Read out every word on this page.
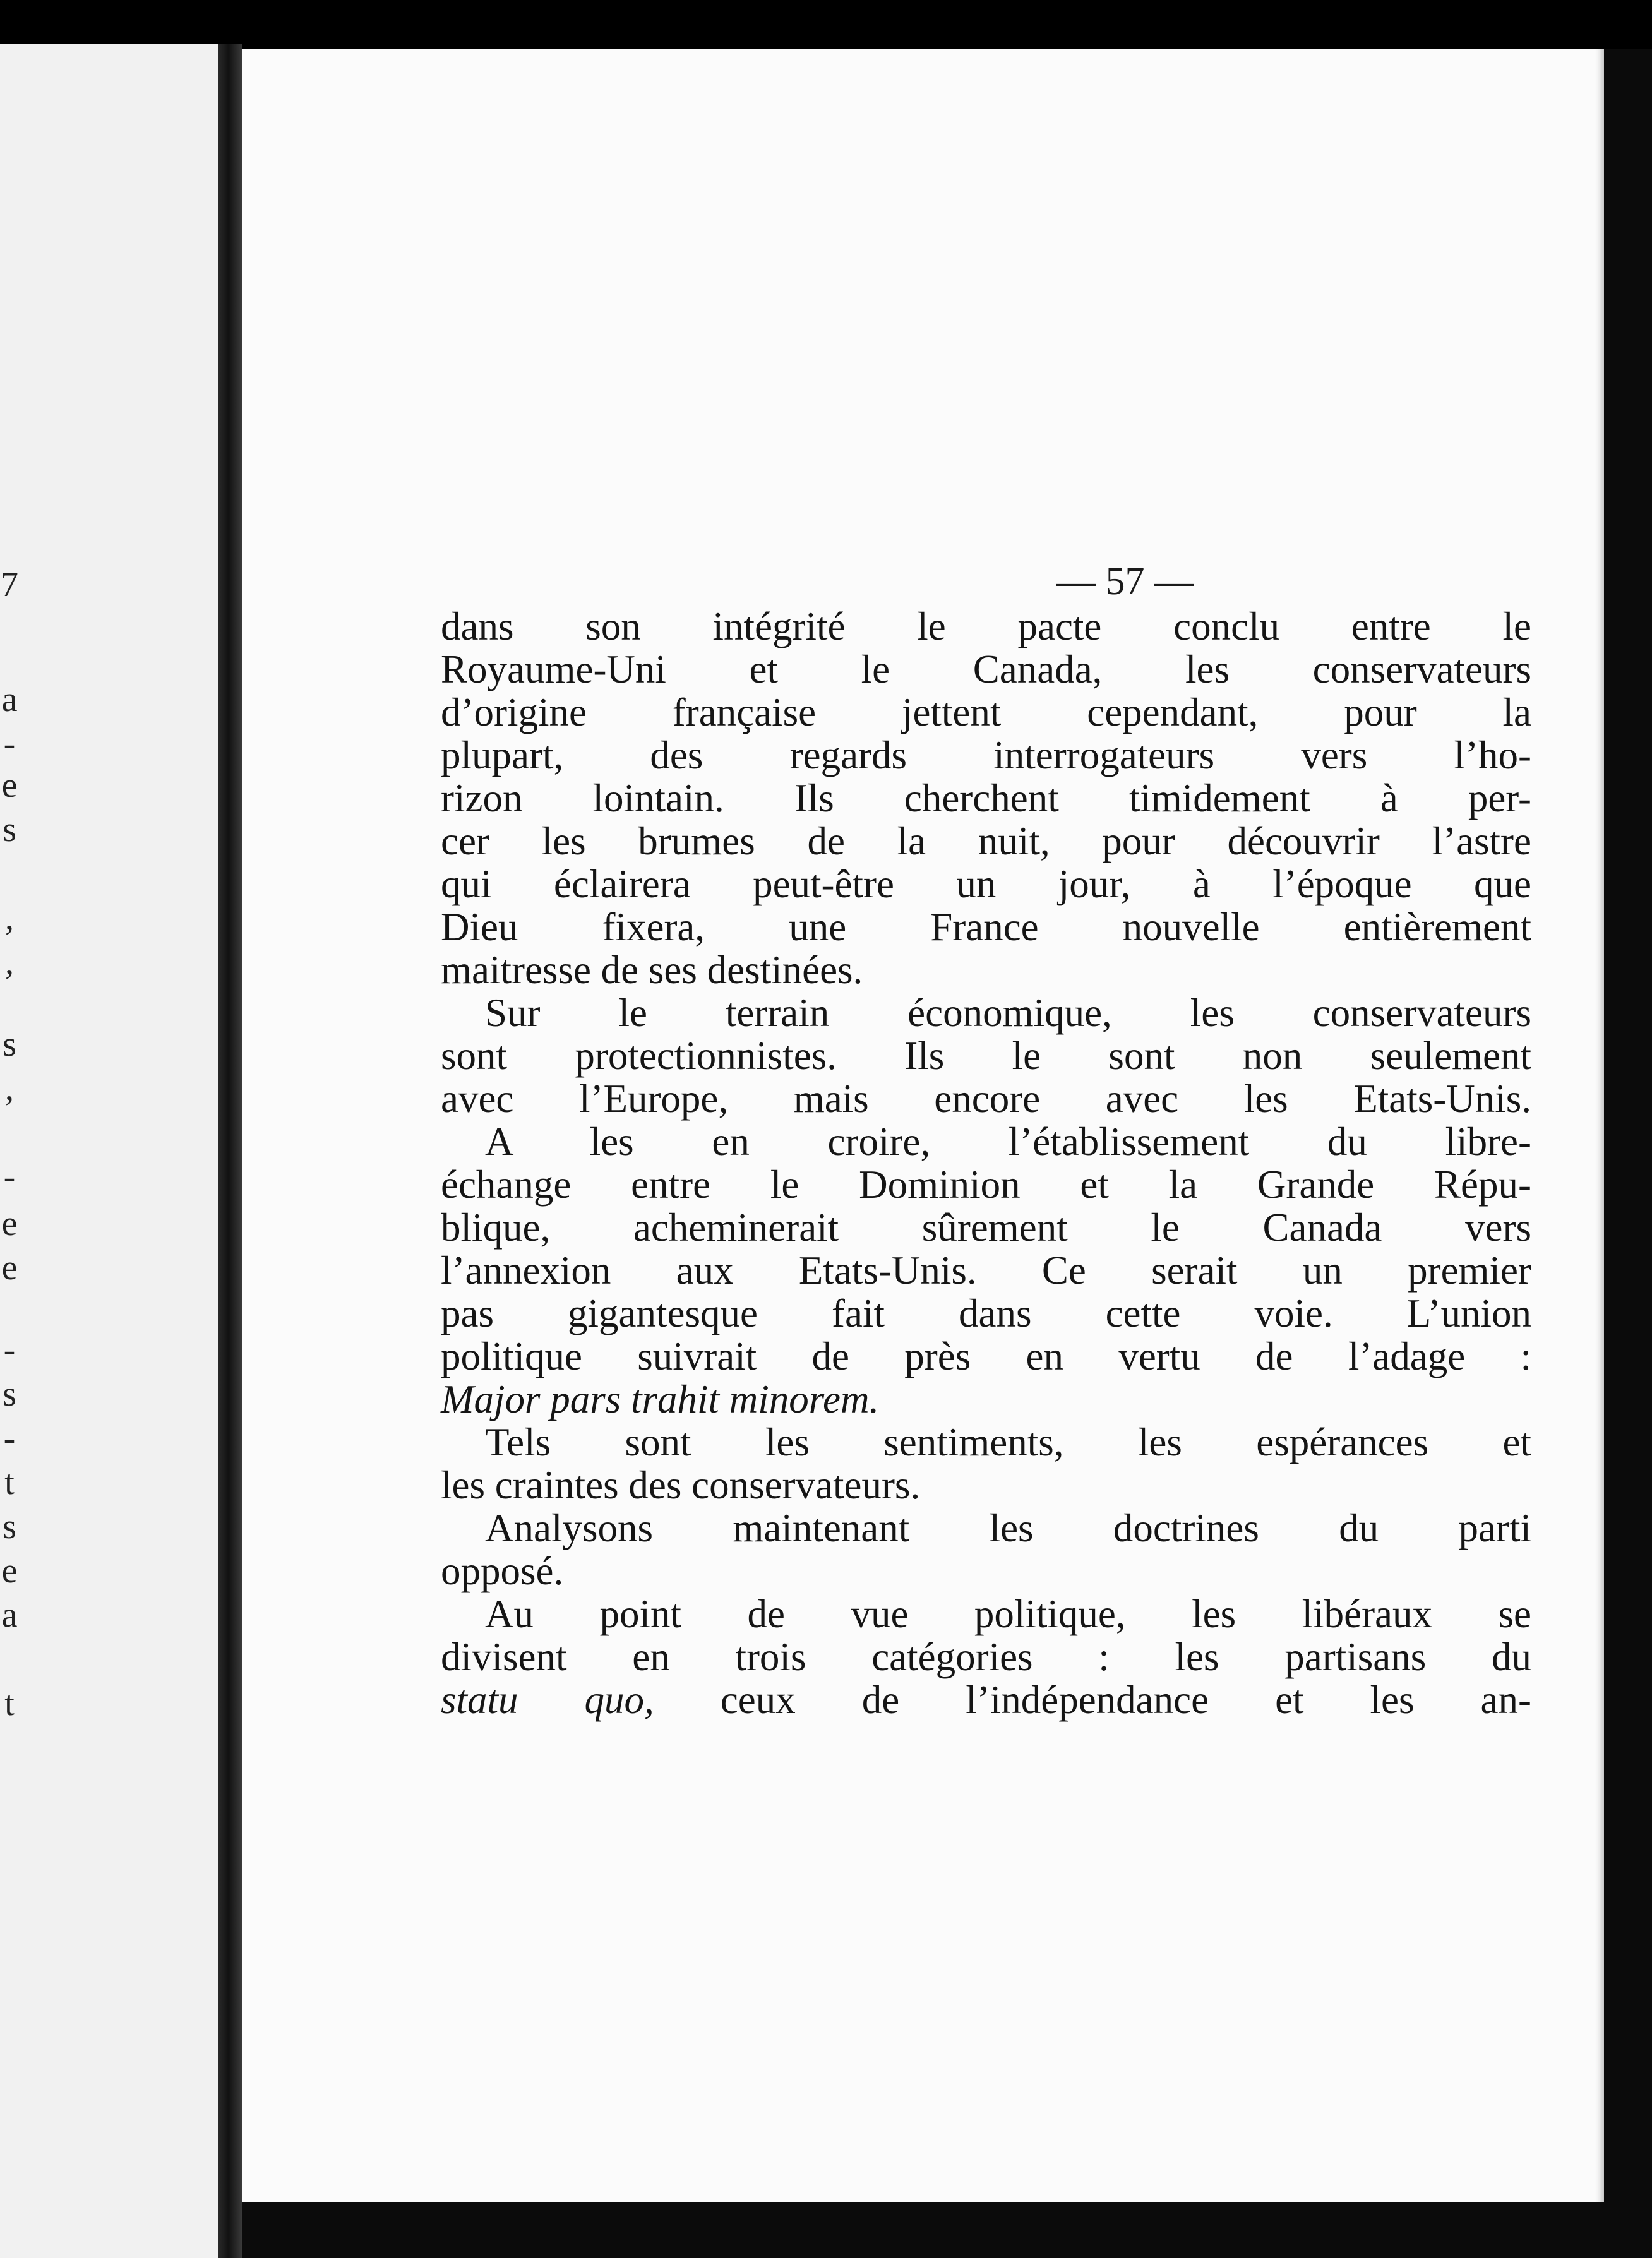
7
a
-
e
s
,
,
s
,
-
e
e
-
s
-
t
s
e
a
t
— 57 —
dans son intégrité le pacte conclu entre le
Royaume-Uni et le Canada, les conservateurs
d’origine française jettent cependant, pour la
plupart, des regards interrogateurs vers l’ho-
rizon lointain. Ils cherchent timidement à per-
cer les brumes de la nuit, pour découvrir l’astre
qui éclairera peut-être un jour, à l’époque que
Dieu fixera, une France nouvelle entièrement
maitresse de ses destinées.
Sur le terrain économique, les conservateurs
sont protectionnistes. Ils le sont non seulement
avec l’Europe, mais encore avec les Etats-Unis.
A les en croire, l’établissement du libre-
échange entre le Dominion et la Grande Répu-
blique, acheminerait sûrement le Canada vers
l’annexion aux Etats-Unis. Ce serait un premier
pas gigantesque fait dans cette voie. L’union
politique suivrait de près en vertu de l’adage :
Major pars trahit minorem.
Tels sont les sentiments, les espérances et
les craintes des conservateurs.
Analysons maintenant les doctrines du parti
opposé.
Au point de vue politique, les libéraux se
divisent en trois catégories : les partisans du
statu quo, ceux de l’indépendance et les an-
